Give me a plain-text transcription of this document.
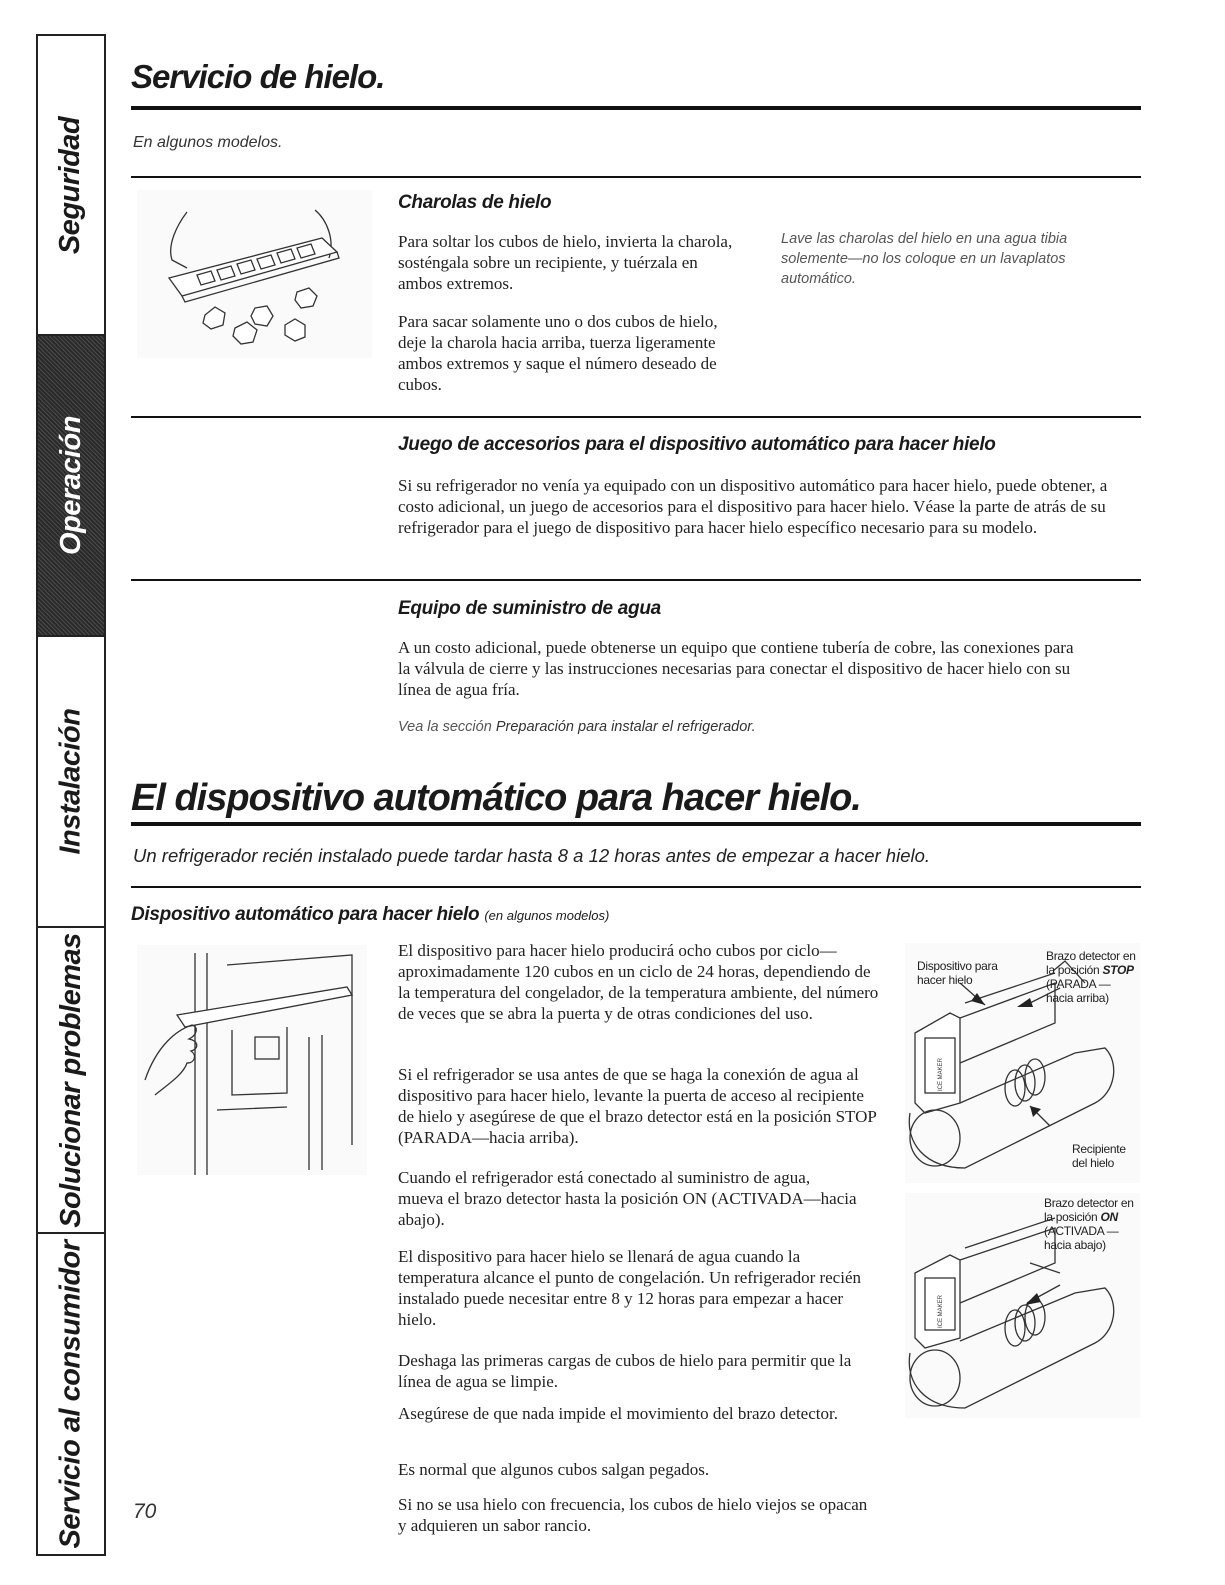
Seguridad
Operación
Instalación
Solucionar problemas
Servicio al consumidor
Servicio de hielo.
En algunos modelos.
Charolas de hielo

Para soltar los cubos de hielo, invierta la charola, sosténgala sobre un recipiente, y tuérzala en ambos extremos.

Para sacar solamente uno o dos cubos de hielo, deje la charola hacia arriba, tuerza ligeramente ambos extremos y saque el número deseado de cubos.

Lave las charolas del hielo en una agua tibia solemente—no los coloque en un lavaplatos automático.

Juego de accesorios para el dispositivo automático para hacer hielo

Si su refrigerador no venía ya equipado con un dispositivo automático para hacer hielo, puede obtener, a costo adicional, un juego de accesorios para el dispositivo para hacer hielo. Véase la parte de atrás de su refrigerador para el juego de dispositivo para hacer hielo específico necesario para su modelo.

Equipo de suministro de agua

A un costo adicional, puede obtenerse un equipo que contiene tubería de cobre, las conexiones para la válvula de cierre y las instrucciones necesarias para conectar el dispositivo de hacer hielo con su línea de agua fría.

Vea la sección Preparación para instalar el refrigerador.
El dispositivo automático para hacer hielo.
Un refrigerador recién instalado puede tardar hasta 8 a 12 horas antes de empezar a hacer hielo.
Dispositivo automático para hacer hielo (en algunos modelos)

El dispositivo para hacer hielo producirá ocho cubos por ciclo—aproximadamente 120 cubos en un ciclo de 24 horas, dependiendo de la temperatura del congelador, de la temperatura ambiente, del número de veces que se abra la puerta y de otras condiciones del uso.

Si el refrigerador se usa antes de que se haga la conexión de agua al dispositivo para hacer hielo, levante la puerta de acceso al recipiente de hielo y asegúrese de que el brazo detector está en la posición STOP (PARADA—hacia arriba).

Cuando el refrigerador está conectado al suministro de agua, mueva el brazo detector hasta la posición ON (ACTIVADA—hacia abajo).

El dispositivo para hacer hielo se llenará de agua cuando la temperatura alcance el punto de congelación. Un refrigerador recién instalado puede necesitar entre 8 y 12 horas para empezar a hacer hielo.

Deshaga las primeras cargas de cubos de hielo para permitir que la línea de agua se limpie.

Asegúrese de que nada impide el movimiento del brazo detector.

Es normal que algunos cubos salgan pegados.

Si no se usa hielo con frecuencia, los cubos de hielo viejos se opacan y adquieren un sabor rancio.

ICE MAKER
Dispositivo para hacer hielo
Brazo detector en la posición STOP (PARADA —hacia arriba)
Recipiente del hielo
ICE MAKER
Brazo detector en la posición ON (ACTIVADA —hacia abajo)
70
